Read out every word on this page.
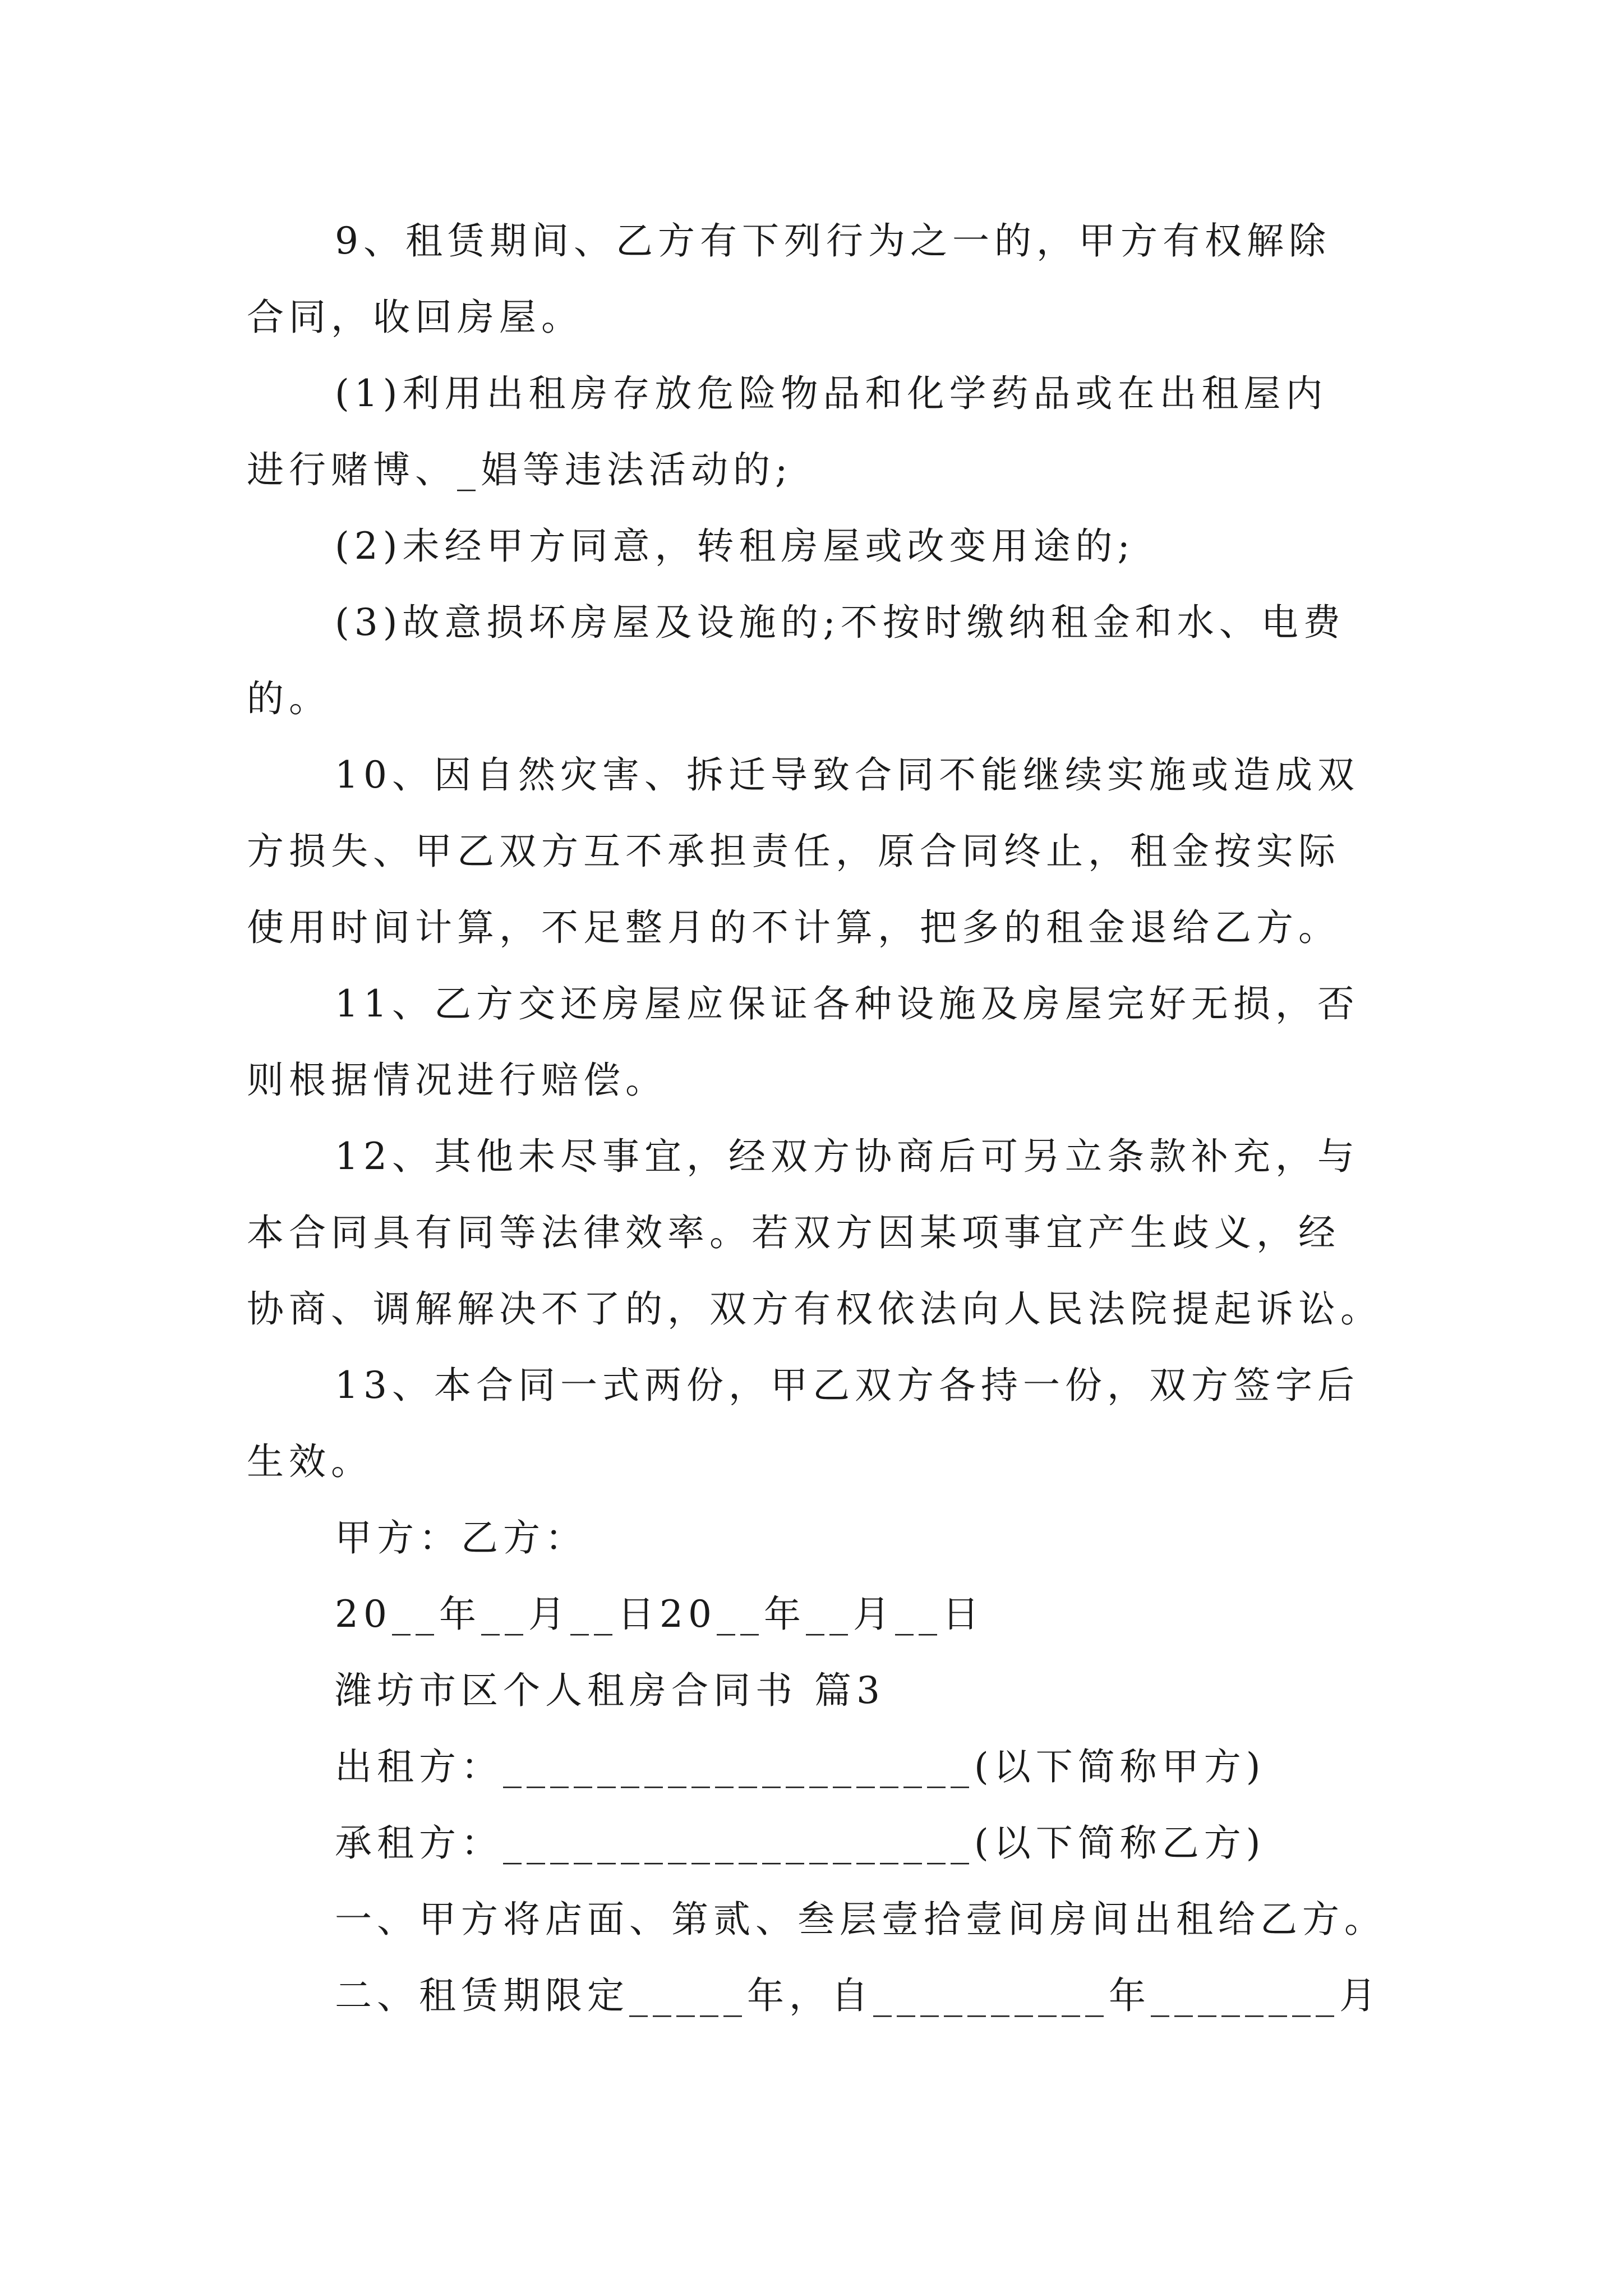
9、租赁期间、乙方有下列行为之一的，甲方有权解除
合同，收回房屋。
(1)利用出租房存放危险物品和化学药品或在出租屋内
进行赌博、_娼等违法活动的;
(2)未经甲方同意，转租房屋或改变用途的;
(3)故意损坏房屋及设施的;不按时缴纳租金和水、电费
的。
10、因自然灾害、拆迁导致合同不能继续实施或造成双
方损失、甲乙双方互不承担责任，原合同终止，租金按实际
使用时间计算，不足整月的不计算，把多的租金退给乙方。
11、乙方交还房屋应保证各种设施及房屋完好无损，否
则根据情况进行赔偿。
12、其他未尽事宜，经双方协商后可另立条款补充，与
本合同具有同等法律效率。若双方因某项事宜产生歧义，经
协商、调解解决不了的，双方有权依法向人民法院提起诉讼。
13、本合同一式两份，甲乙双方各持一份，双方签字后
生效。
甲方：乙方：
20__年__月__日20__年__月__日
潍坊市区个人租房合同书 篇3
出租方：____________________(以下简称甲方)
承租方：____________________(以下简称乙方)
一、甲方将店面、第贰、叁层壹拾壹间房间出租给乙方。
二、租赁期限定_____年，自__________年________月
